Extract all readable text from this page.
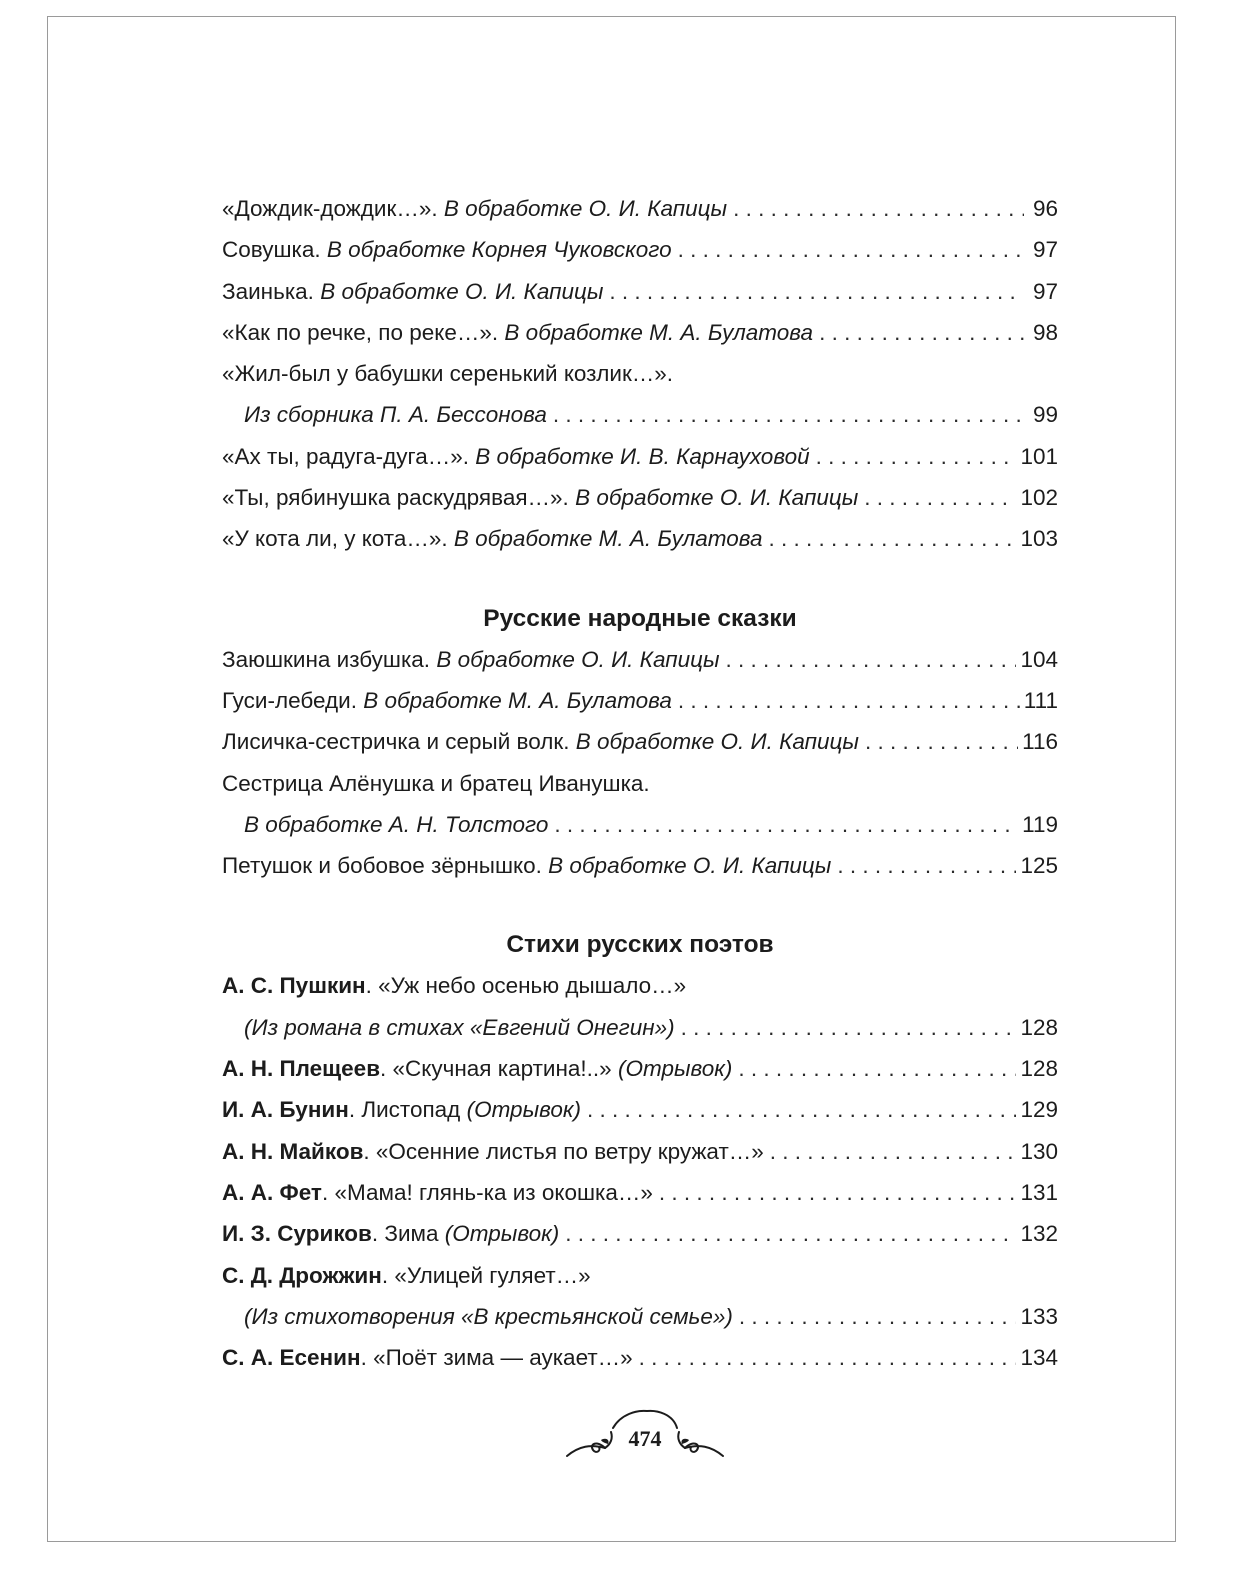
«Дождик-дождик…». В обработке О. И. Капицы . . .	96
Совушка. В обработке Корнея Чуковского . . .	97
Заинька. В обработке О. И. Капицы . . .	97
«Как по речке, по реке…». В обработке М. А. Булатова . . .	98
«Жил-был у бабушки серенький козлик…».
Из сборника П. А. Бессонова . . .	99
«Ах ты, радуга-дуга…». В обработке И. В. Карнауховой . . .	101
«Ты, рябинушка раскудрявая…». В обработке О. И. Капицы . . .	102
«У кота ли, у кота…». В обработке М. А. Булатова . . .	103
Русские народные сказки
Заюшкина избушка. В обработке О. И. Капицы . . .	104
Гуси-лебеди. В обработке М. А. Булатова . . .	111
Лисичка-сестричка и серый волк. В обработке О. И. Капицы . . .	116
Сестрица Алёнушка и братец Иванушка.
В обработке А. Н. Толстого . . .	119
Петушок и бобовое зёрнышко. В обработке О. И. Капицы . . .	125
Стихи русских поэтов
А. С. Пушкин. «Уж небо осенью дышало…»
(Из романа в стихах «Евгений Онегин») . . .	128
А. Н. Плещеев. «Скучная картина!..» (Отрывок) . . .	128
И. А. Бунин. Листопад (Отрывок) . . .	129
А. Н. Майков. «Осенние листья по ветру кружат…» . . .	130
А. А. Фет. «Мама! глянь-ка из окошка…» . . .	131
И. З. Суриков. Зима (Отрывок) . . .	132
С. Д. Дрожжин. «Улицей гуляет…»
(Из стихотворения «В крестьянской семье») . . .	133
С. А. Есенин. «Поёт зима — аукает…» . . .	134
474
